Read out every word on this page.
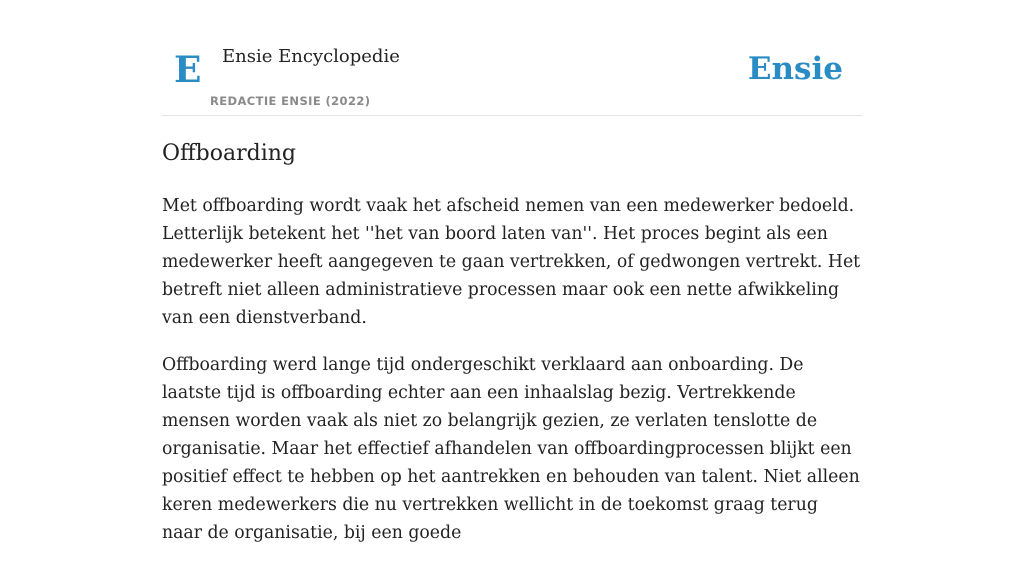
E Ensie Encyclopedie
REDACTIE ENSIE (2022)
Ensie
Offboarding

Met offboarding wordt vaak het afscheid nemen van een medewerker bedoeld. Letterlijk betekent het ''het van boord laten van''. Het proces begint als een medewerker heeft aangegeven te gaan vertrekken, of gedwongen vertrekt. Het betreft niet alleen administratieve processen maar ook een nette afwikkeling van een dienstverband.

Offboarding werd lange tijd ondergeschikt verklaard aan onboarding. De laatste tijd is offboarding echter aan een inhaalslag bezig. Vertrekkende mensen worden vaak als niet zo belangrijk gezien, ze verlaten tenslotte de organisatie. Maar het effectief afhandelen van offboardingprocessen blijkt een positief effect te hebben op het aantrekken en behouden van talent. Niet alleen keren medewerkers die nu vertrekken wellicht in de toekomst graag terug naar de organisatie, bij een goede
